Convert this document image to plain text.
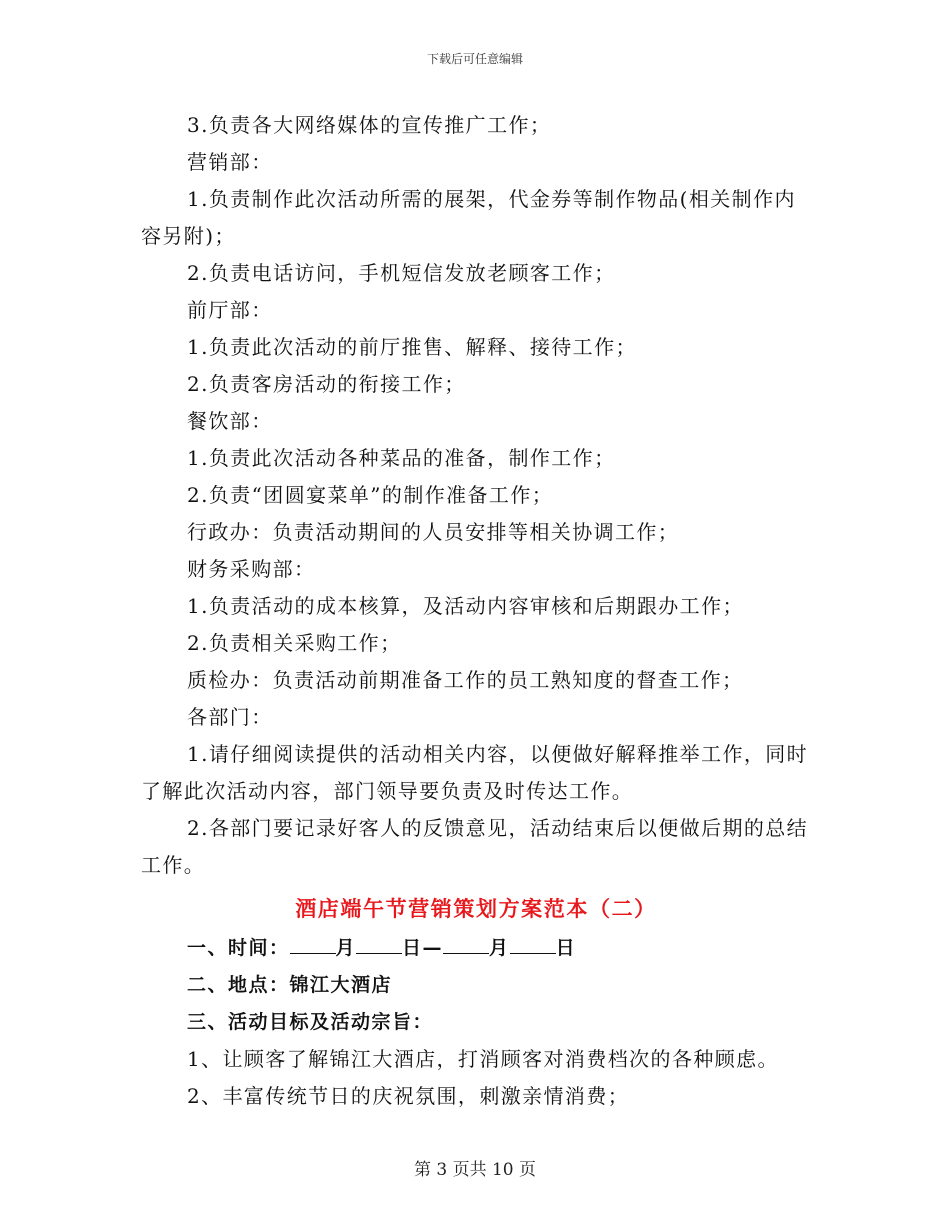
下载后可任意编辑

3.负责各大网络媒体的宣传推广工作；

营销部：

1.负责制作此次活动所需的展架，代金券等制作物品(相关制作内容另附)；

2.负责电话访问，手机短信发放老顾客工作；

前厅部：

1.负责此次活动的前厅推售、解释、接待工作；

2.负责客房活动的衔接工作；

餐饮部：

1.负责此次活动各种菜品的准备，制作工作；

2.负责“团圆宴菜单”的制作准备工作；

行政办：负责活动期间的人员安排等相关协调工作；

财务采购部：

1.负责活动的成本核算，及活动内容审核和后期跟办工作；

2.负责相关采购工作；

质检办：负责活动前期准备工作的员工熟知度的督查工作；

各部门：

1.请仔细阅读提供的活动相关内容，以便做好解释推举工作，同时了解此次活动内容，部门领导要负责及时传达工作。

2.各部门要记录好客人的反馈意见，活动结束后以便做后期的总结工作。

酒店端午节营销策划方案范本（二）

一、时间： 月 日— 月 日

二、地点：锦江大酒店

三、活动目标及活动宗旨：

1、让顾客了解锦江大酒店，打消顾客对消费档次的各种顾虑。

2、丰富传统节日的庆祝氛围，刺激亲情消费；

第 3 页共 10 页
